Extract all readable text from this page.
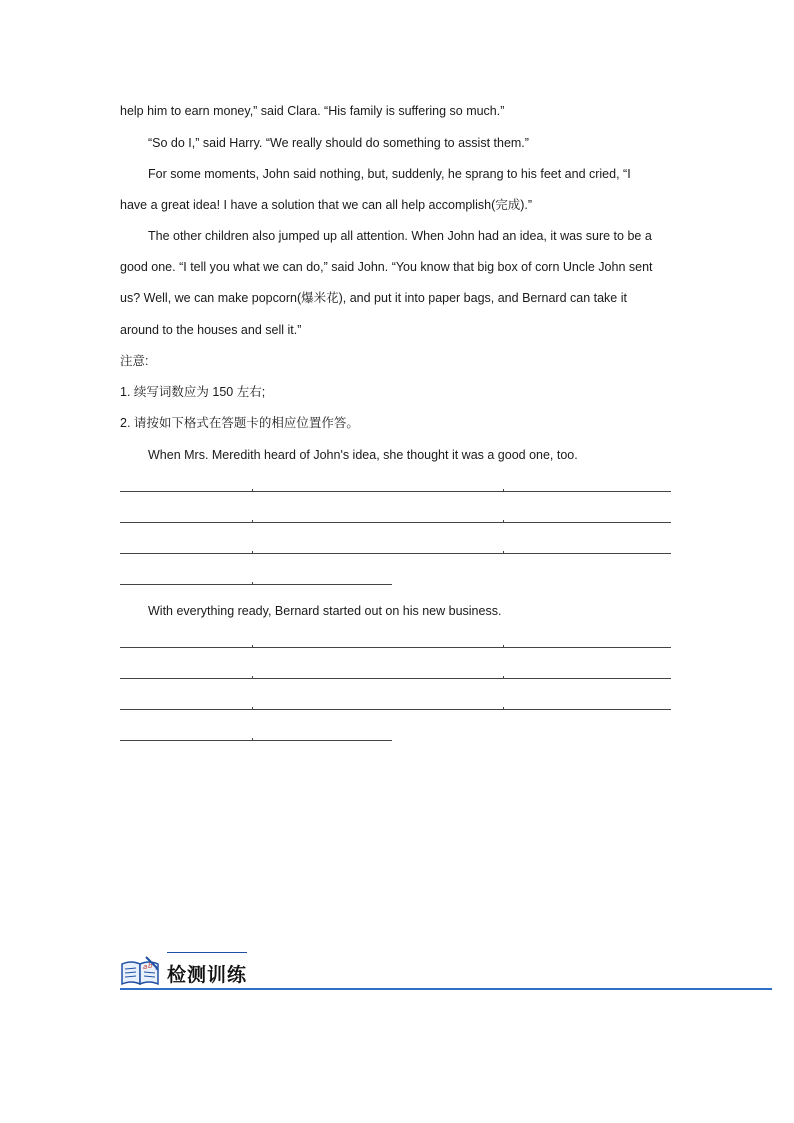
help him to earn money,” said Clara. “His family is suffering so much.”
“So do I,” said Harry. “We really should do something to assist them.”
For some moments, John said nothing, but, suddenly, he sprang to his feet and cried, “I
have a great idea! I have a solution that we can all help accomplish(完成).”
The other children also jumped up all attention. When John had an idea, it was sure to be a
good one. “I tell you what we can do,” said John. “You know that big box of corn Uncle John sent
us? Well, we can make popcorn(爆米花), and put it into paper bags, and Bernard can take it
around to the houses and sell it.”
注意:
1. 续写词数应为 150 左右;
2. 请按如下格式在答题卡的相应位置作答。
When Mrs. Meredith heard of John's idea, she thought it was a good one, too.
With everything ready, Bernard started out on his new business.
a b 检测训练
